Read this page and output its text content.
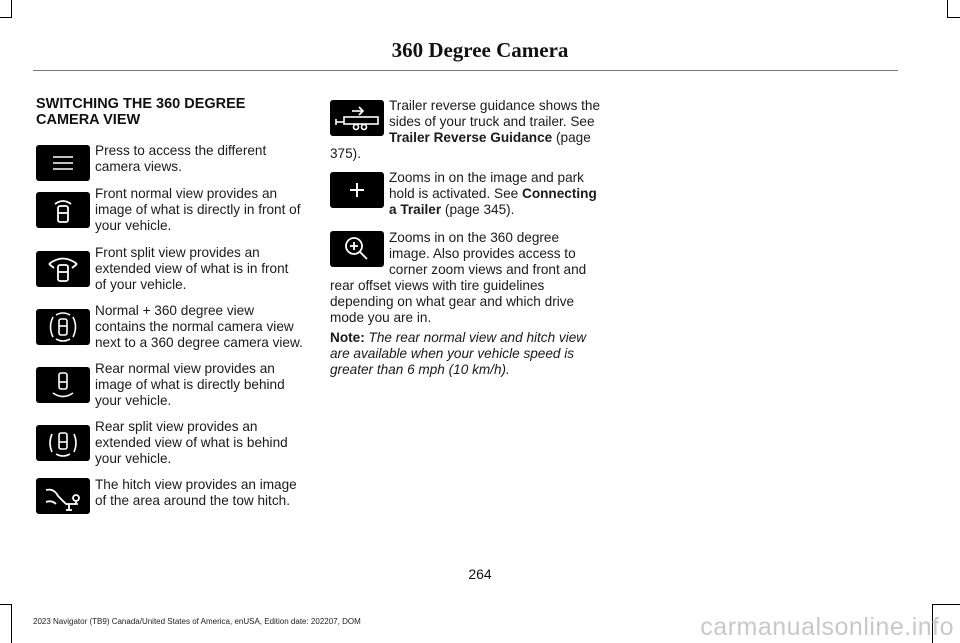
360 Degree Camera
SWITCHING THE 360 DEGREE CAMERA VIEW
Press to access the different
camera views.
Front normal view provides an
image of what is directly in front of
your vehicle.
Front split view provides an
extended view of what is in front
of your vehicle.
Normal + 360 degree view
contains the normal camera view
next to a 360 degree camera view.
Rear normal view provides an
image of what is directly behind
your vehicle.
Rear split view provides an
extended view of what is behind
your vehicle.
The hitch view provides an image
of the area around the tow hitch.
Trailer reverse guidance shows the
sides of your truck and trailer. See
Trailer Reverse Guidance (page
375).
Zooms in on the image and park
hold is activated. See Connecting
a Trailer (page 345).
Zooms in on the 360 degree
image. Also provides access to
corner zoom views and front and
rear offset views with tire guidelines
depending on what gear and which drive
mode you are in.
Note: The rear normal view and hitch view
are available when your vehicle speed is
greater than 6 mph (10 km/h).
264
2023 Navigator (TB9) Canada/United States of America, enUSA, Edition date: 202207, DOM	carmanualsonline.info
